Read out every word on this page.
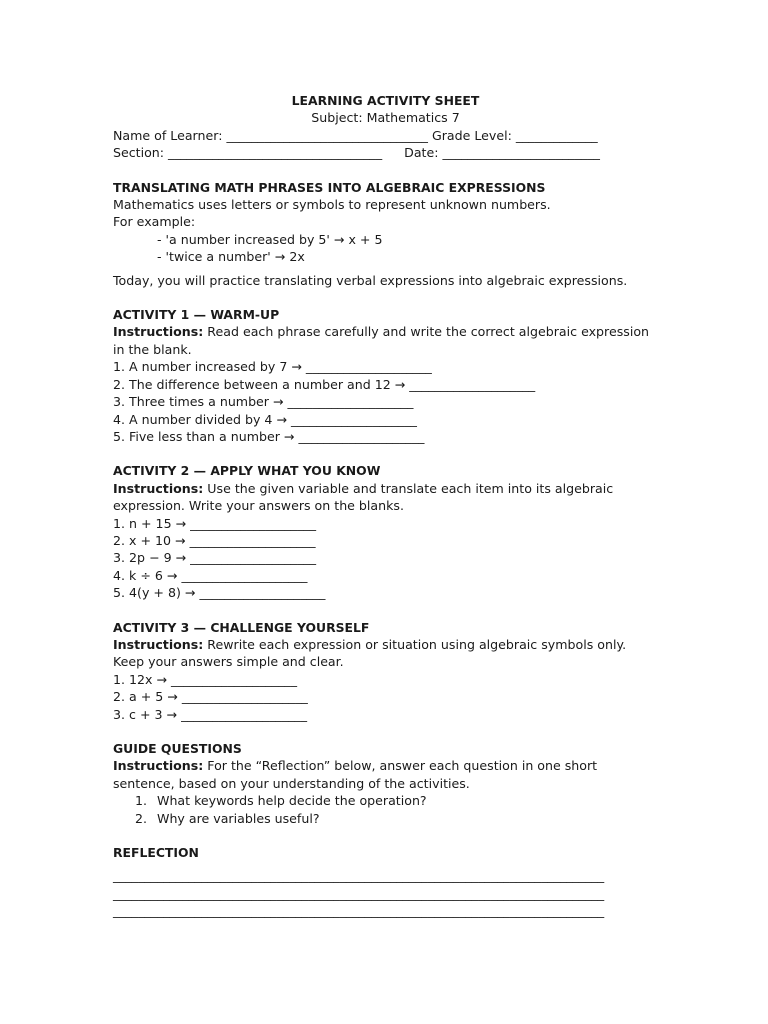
LEARNING ACTIVITY SHEET
Subject: Mathematics 7
Name of Learner: ________________________________ Grade Level: _____________
Section: __________________________________ Date: _________________________
TRANSLATING MATH PHRASES INTO ALGEBRAIC EXPRESSIONS
Mathematics uses letters or symbols to represent unknown numbers.
For example:
- 'a number increased by 5' → x + 5
- 'twice a number' → 2x
Today, you will practice translating verbal expressions into algebraic expressions.
ACTIVITY 1 — WARM-UP

Instructions: Read each phrase carefully and write the correct algebraic expression in the blank.

1. A number increased by 7 → ____________________
2. The difference between a number and 12 → ____________________
3. Three times a number → ____________________
4. A number divided by 4 → ____________________
5. Five less than a number → ____________________
ACTIVITY 2 — APPLY WHAT YOU KNOW

Instructions: Use the given variable and translate each item into its algebraic expression. Write your answers on the blanks.

1. n + 15 → ____________________
2. x + 10 → ____________________
3. 2p − 9 → ____________________
4. k ÷ 6 → ____________________
5. 4(y + 8) → ____________________
ACTIVITY 3 — CHALLENGE YOURSELF

Instructions: Rewrite each expression or situation using algebraic symbols only. Keep your answers simple and clear.

1. 12x → ____________________
2. a + 5 → ____________________
3. c + 3 → ____________________
GUIDE QUESTIONS

Instructions: For the “Reflection” below, answer each question in one short sentence, based on your understanding of the activities.

1. What keywords help decide the operation?
2. Why are variables useful?
REFLECTION
______________________________________________________________________________
______________________________________________________________________________
______________________________________________________________________________
